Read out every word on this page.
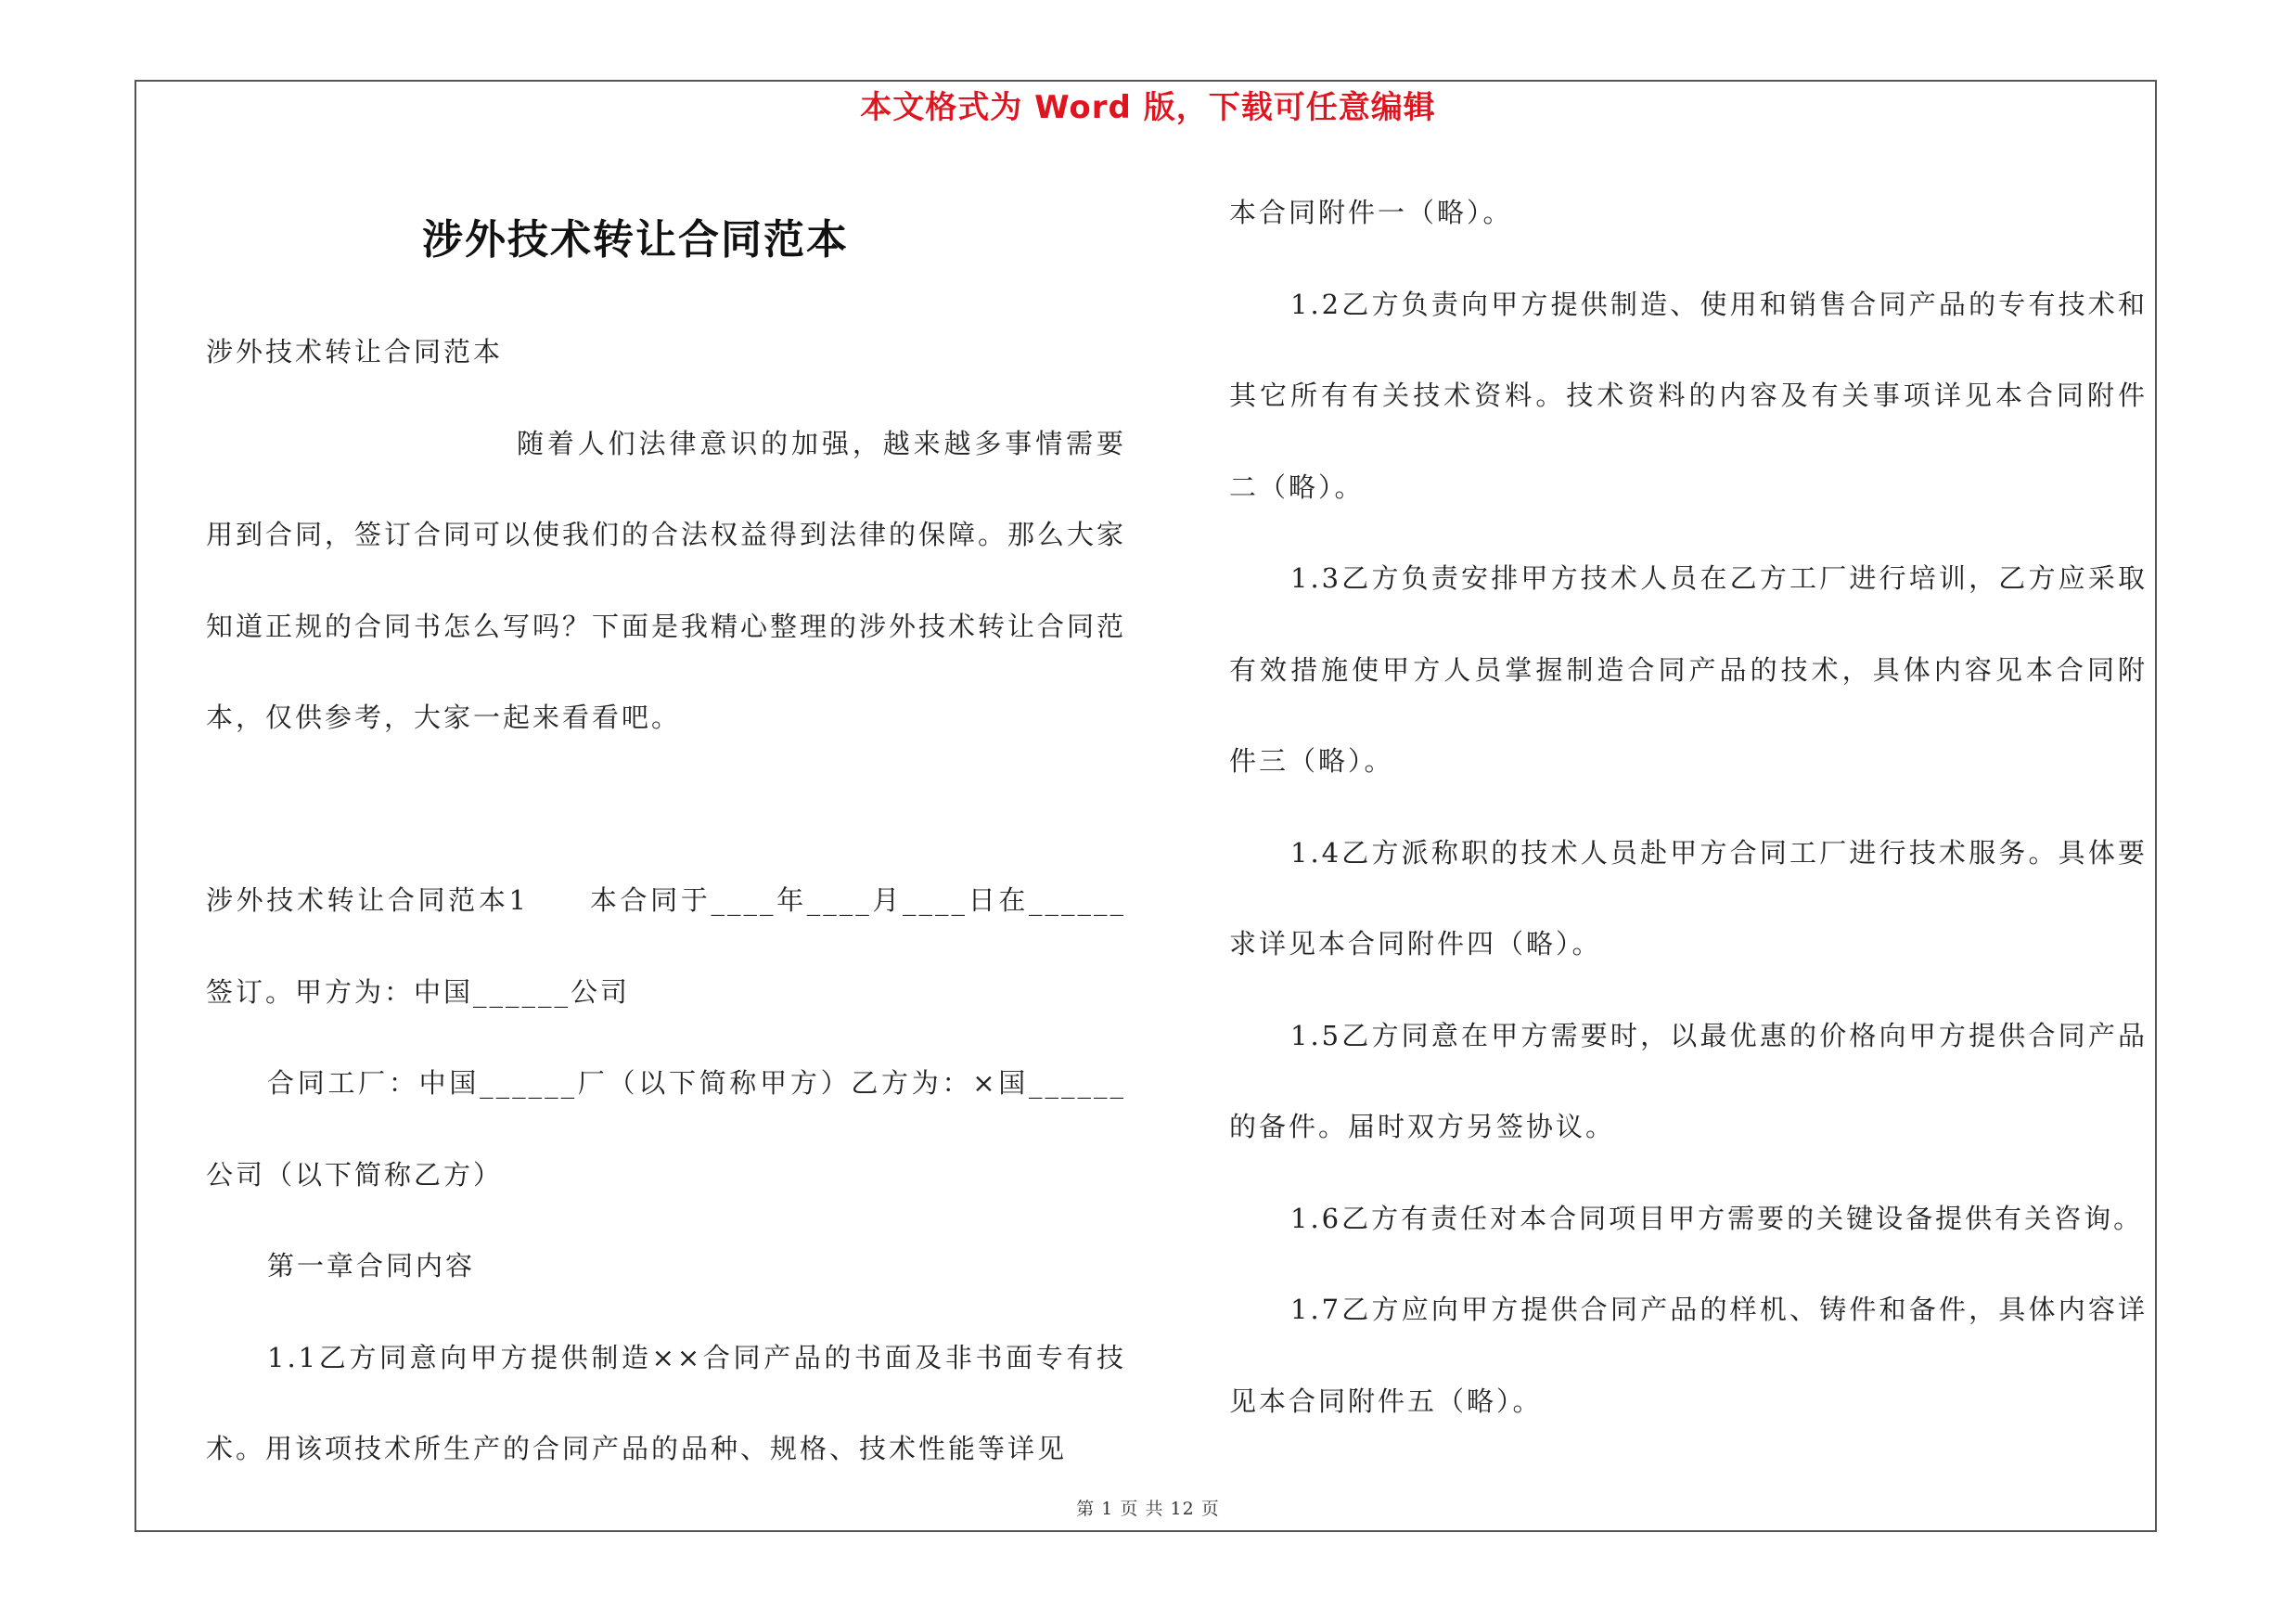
本文格式为 Word 版，下载可任意编辑
涉外技术转让合同范本

涉外技术转让合同范本

随着人们法律意识的加强，越来越多事情需要用到合同，签订合同可以使我们的合法权益得到法律的保障。那么大家知道正规的合同书怎么写吗？下面是我精心整理的涉外技术转让合同范本，仅供参考，大家一起来看看吧。

涉外技术转让合同范本1　　本合同于____年____月____日在______签订。甲方为：中国______公司

合同工厂：中国______厂（以下简称甲方）乙方为：×国______公司（以下简称乙方）

第一章合同内容

1.1乙方同意向甲方提供制造××合同产品的书面及非书面专有技术。用该项技术所生产的合同产品的品种、规格、技术性能等详见

本合同附件一（略）。

1.2乙方负责向甲方提供制造、使用和销售合同产品的专有技术和其它所有有关技术资料。技术资料的内容及有关事项详见本合同附件二（略）。

1.3乙方负责安排甲方技术人员在乙方工厂进行培训，乙方应采取有效措施使甲方人员掌握制造合同产品的技术，具体内容见本合同附件三（略）。

1.4乙方派称职的技术人员赴甲方合同工厂进行技术服务。具体要求详见本合同附件四（略）。

1.5乙方同意在甲方需要时，以最优惠的价格向甲方提供合同产品的备件。届时双方另签协议。

1.6乙方有责任对本合同项目甲方需要的关键设备提供有关咨询。

1.7乙方应向甲方提供合同产品的样机、铸件和备件，具体内容详见本合同附件五（略）。

第 1 页 共 12 页
